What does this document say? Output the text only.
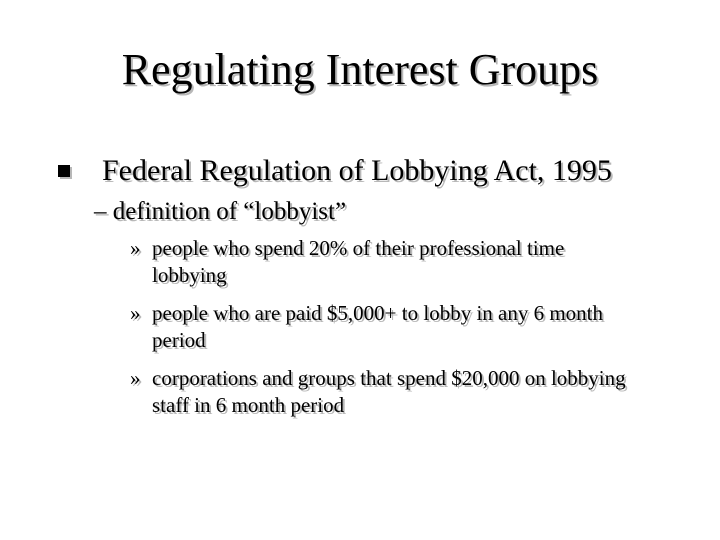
Regulating Interest Groups
Federal Regulation of Lobbying Act, 1995
– definition of “lobbyist”
» people who spend 20% of their professional time lobbying
» people who are paid $5,000+ to lobby in any 6 month period
» corporations and groups that spend $20,000 on lobbying staff in 6 month period
